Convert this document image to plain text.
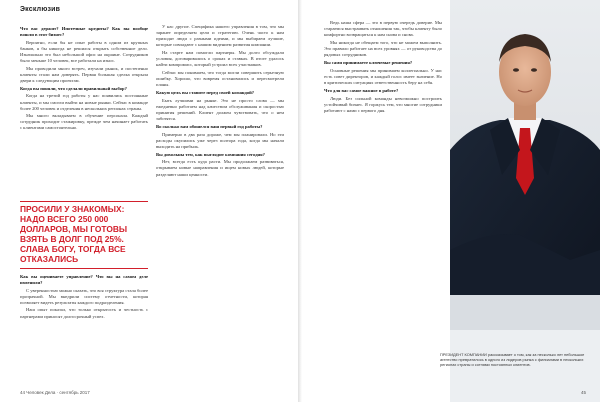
Эксклюзив

Что вас держит? Ипотечные кредиты? Как вы вообще вошли в этот бизнес?

Вероятно, если бы не опыт работы в одном из крупных банков, я бы никогда не решился открыть собственное дело. Изначально это был небольшой офис на окраине. Сотрудников было меньше 10 человек, все работали на износ.

Мы проводили много встреч, изучали рынок, и постепенно клиенты стали нам доверять. Первая большая сделка открыла двери к следующим проектам.

Когда вы поняли, что сделали правильный выбор?

Когда на третий год работы у нас появились постоянные клиенты, и мы смогли выйти на новые рынки. Сейчас в команде более 200 человек и отделения в нескольких регионах страны.

Мы много вкладываем в обучение персонала. Каждый сотрудник проходит стажировку, прежде чем начинает работать с клиентами самостоятельно.

ПРОСИЛИ У ЗНАКОМЫХ: НАДО ВСЕГО 250 000 ДОЛЛАРОВ, МЫ ГОТОВЫ ВЗЯТЬ В ДОЛГ ПОД 25%. СЛАВА БОГУ, ТОГДА ВСЕ ОТКАЗАЛИСЬ

Как вы оцениваете управление? Что вы на самом деле изменили?

С уверенностью можно сказать, что вся структура стала более прозрачной. Мы внедрили систему отчетности, которая позволяет видеть результаты каждого подразделения.

Наш опыт показал, что только открытость и честность с партнерами приносят долгосрочный успех.

У нас другие. Специфика нашего управления в том, что мы заранее определяем цели и стратегию. Очень часто к нам приходят люди с разными идеями, и мы выбираем лучшие, которые совпадают с нашим видением развития компании.

На старте нам помогли партнеры. Мы долго обсуждали условия, договаривались о сроках и ставках. В итоге удалось найти компромисс, который устроил всех участников.

Сейчас мы понимаем, что тогда могли совершить серьезную ошибку. Хорошо, что вовремя остановились и пересмотрели планы.

Какую цель вы ставите перед своей командой?

Быть лучшими на рынке. Это не просто слова — мы ежедневно работаем над качеством обслуживания и скоростью принятия решений. Клиент должен чувствовать, что о нем заботятся.

Во сколько вам обошелся ваш первый год работы?

Примерно в два раза дороже, чем мы планировали. Но эти расходы окупились уже через полтора года, когда мы начали выходить на прибыль.

Вы довольны тем, как выглядит компания сегодня?

Нет, всегда есть куда расти. Мы продолжаем развиваться, открываем новые направления и ищем новых людей, которые разделяют наши ценности.

44 Человек Дела · сентябрь 2017

Ведь наша сфера — это в первую очередь доверие. Мы стараемся выстраивать отношения так, чтобы клиенту было комфортно возвращаться к нам снова и снова.

Мы никогда не обещаем того, что не можем выполнить. Это правило работает на всех уровнях — от руководства до рядовых сотрудников.

Вы сами принимаете ключевые решения?

Основные решения мы принимаем коллегиально. У нас есть совет директоров, и каждый голос имеет значение. Но в критических ситуациях ответственность беру на себя.

Что для вас самое важное в работе?

Люди. Без сильной команды невозможно построить устойчивый бизнес. Я горжусь тем, что многие сотрудники работают с нами с первого дня.

ПРЕЗИДЕНТ КОМПАНИИ рассказывает о том, как за несколько лет небольшое агентство превратилось в одного из лидеров рынка с филиалами в нескольких регионах страны и сотнями постоянных клиентов.
45
